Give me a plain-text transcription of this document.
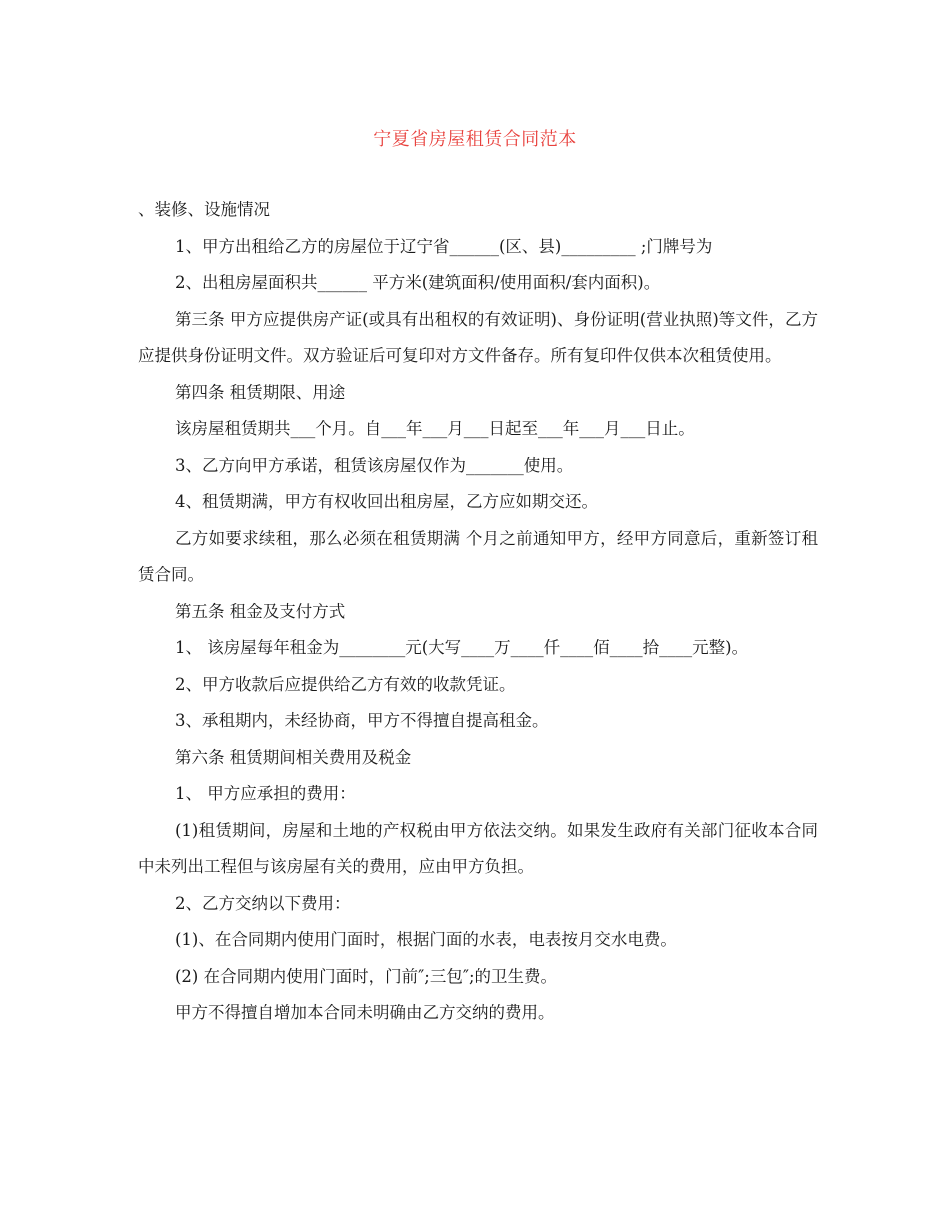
宁夏省房屋租赁合同范本

、装修、设施情况

1、甲方出租给乙方的房屋位于辽宁省______(区、县)_________ ;门牌号为

2、出租房屋面积共______ 平方米(建筑面积/使用面积/套内面积)。

第三条 甲方应提供房产证(或具有出租权的有效证明)、身份证明(营业执照)等文件，乙方应提供身份证明文件。双方验证后可复印对方文件备存。所有复印件仅供本次租赁使用。

第四条 租赁期限、用途

该房屋租赁期共___个月。自___年___月___日起至___年___月___日止。

3、乙方向甲方承诺，租赁该房屋仅作为_______使用。

4、租赁期满，甲方有权收回出租房屋，乙方应如期交还。

乙方如要求续租，那么必须在租赁期满 个月之前通知甲方，经甲方同意后，重新签订租赁合同。

第五条 租金及支付方式

1、 该房屋每年租金为________元(大写____万____仟____佰____拾____元整)。

2、甲方收款后应提供给乙方有效的收款凭证。

3、承租期内，未经协商，甲方不得擅自提高租金。

第六条 租赁期间相关费用及税金

1、 甲方应承担的费用：

(1)租赁期间，房屋和土地的产权税由甲方依法交纳。如果发生政府有关部门征收本合同中未列出工程但与该房屋有关的费用，应由甲方负担。

2、乙方交纳以下费用：

(1)、在合同期内使用门面时，根据门面的水表，电表按月交水电费。

(2) 在合同期内使用门面时，门前″;三包″;的卫生费。

甲方不得擅自增加本合同未明确由乙方交纳的费用。
